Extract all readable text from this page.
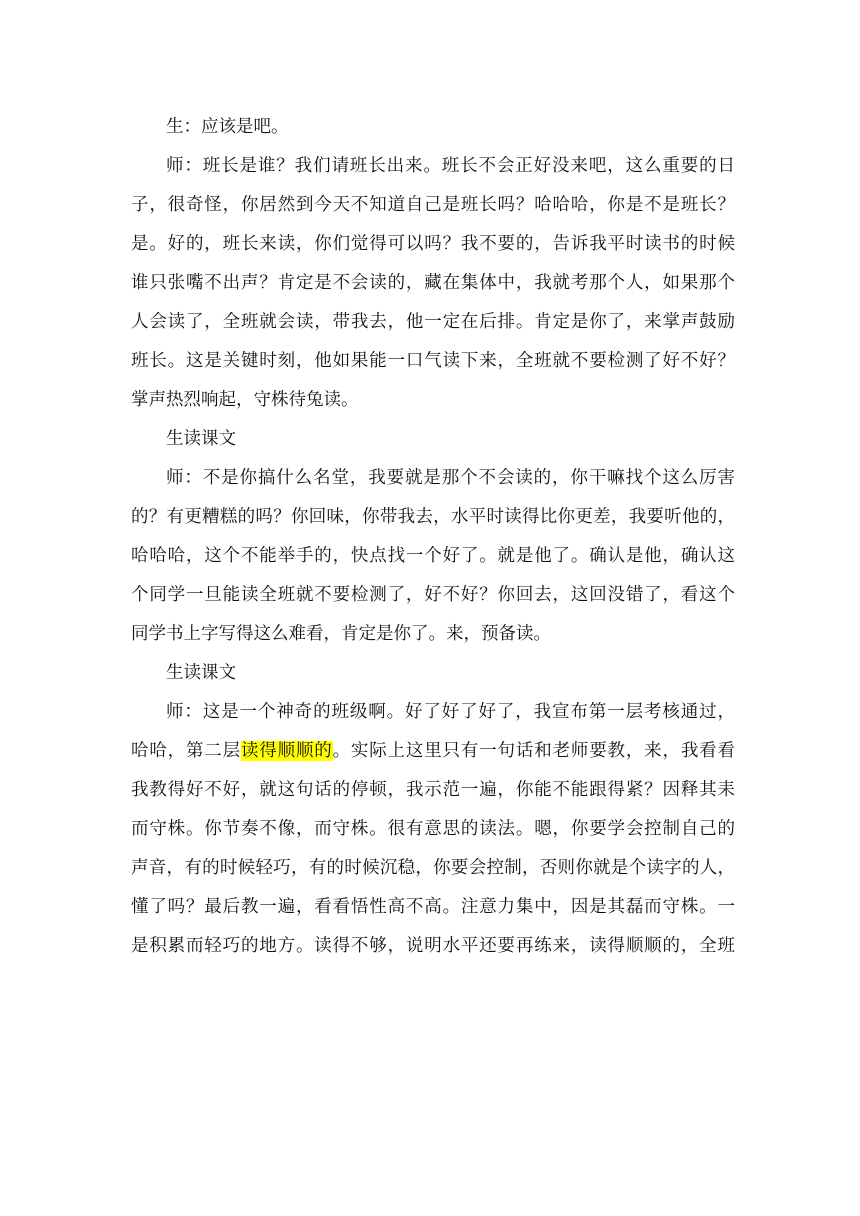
生：应该是吧。
师：班长是谁？我们请班长出来。班长不会正好没来吧，这么重要的日
子，很奇怪，你居然到今天不知道自己是班长吗？哈哈哈，你是不是班长？
是。好的，班长来读，你们觉得可以吗？我不要的，告诉我平时读书的时候
谁只张嘴不出声？肯定是不会读的，藏在集体中，我就考那个人，如果那个
人会读了，全班就会读，带我去，他一定在后排。肯定是你了，来掌声鼓励
班长。这是关键时刻，他如果能一口气读下来，全班就不要检测了好不好？
掌声热烈响起，守株待兔读。
生读课文
师：不是你搞什么名堂，我要就是那个不会读的，你干嘛找个这么厉害
的？有更糟糕的吗？你回味，你带我去，水平时读得比你更差，我要听他的，
哈哈哈，这个不能举手的，快点找一个好了。就是他了。确认是他，确认这
个同学一旦能读全班就不要检测了，好不好？你回去，这回没错了，看这个
同学书上字写得这么难看，肯定是你了。来，预备读。
生读课文
师：这是一个神奇的班级啊。好了好了好了，我宣布第一层考核通过，
哈哈，第二层读得顺顺的。实际上这里只有一句话和老师要教，来，我看看
我教得好不好，就这句话的停顿，我示范一遍，你能不能跟得紧？因释其耒
而守株。你节奏不像，而守株。很有意思的读法。嗯，你要学会控制自己的
声音，有的时候轻巧，有的时候沉稳，你要会控制，否则你就是个读字的人，
懂了吗？最后教一遍，看看悟性高不高。注意力集中，因是其磊而守株。一
是积累而轻巧的地方。读得不够，说明水平还要再练来，读得顺顺的，全班
